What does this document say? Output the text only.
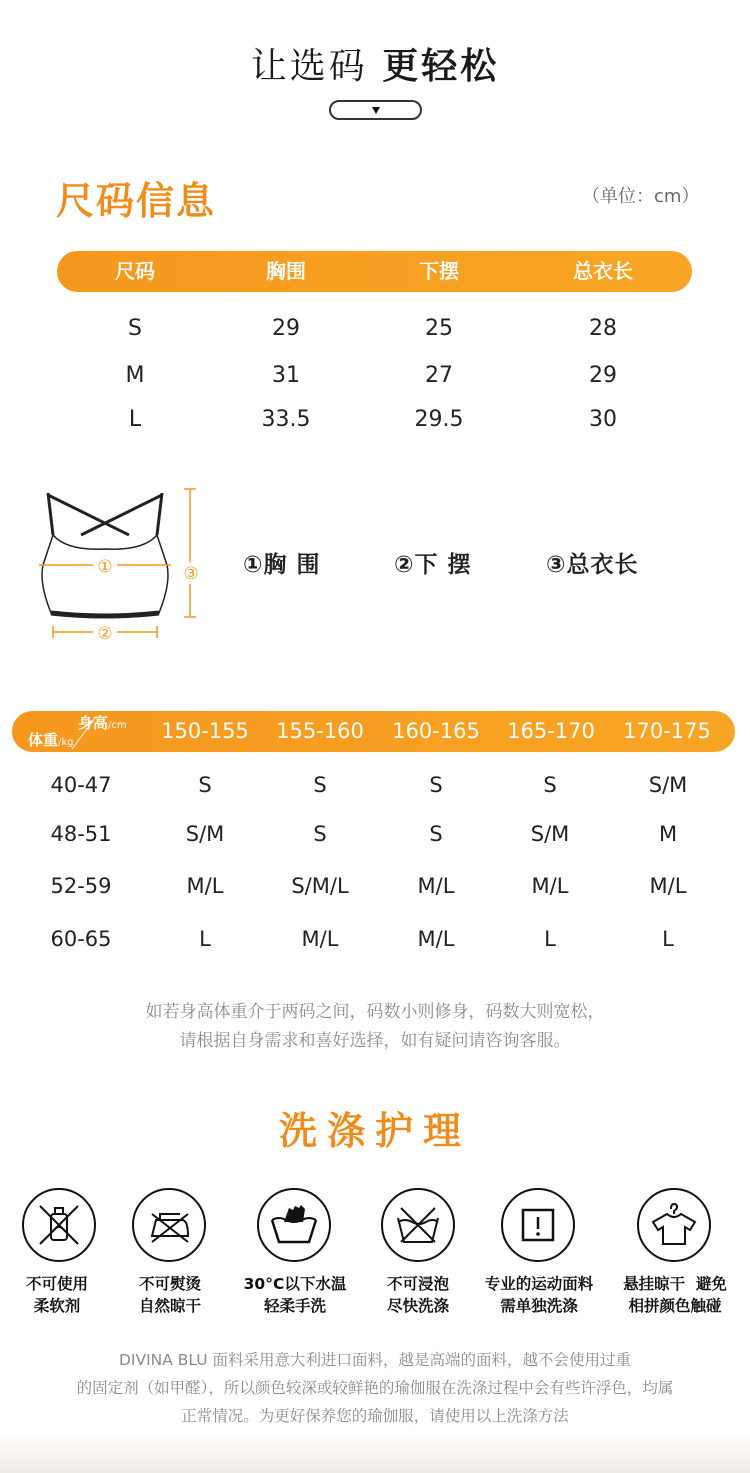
让选码 更轻松
尺码信息	（单位：cm）
尺码	胸围	下摆	总衣长
S	29	25	28
M	31	27	29
L	33.5	29.5	30
①
②
③ ①胸 围	②下 摆	③总衣长
身高/cm
体重/kg	150-155 155-160 160-165 165-170 170-175
40-47	S	S	S	S	S/M
48-51	S/M	S	S	S/M	M
52-59	M/L	S/M/L	M/L	M/L	M/L
60-65	L	M/L	M/L	L	L
如若身高体重介于两码之间，码数小则修身，码数大则宽松，
请根据自身需求和喜好选择，如有疑问请咨询客服。
洗涤护理
不可使用
柔软剂
不可熨烫
自然晾干
30°C以下水温
轻柔手洗
不可浸泡
尽快洗涤
专业的运动面料
需单独洗涤
悬挂晾干  避免
相拼颜色触碰
DIVINA BLU 面料采用意大利进口面料，越是高端的面料，越不会使用过重
的固定剂（如甲醛），所以颜色较深或较鲜艳的瑜伽服在洗涤过程中会有些许浮色，均属
正常情况。为更好保养您的瑜伽服，请使用以上洗涤方法
